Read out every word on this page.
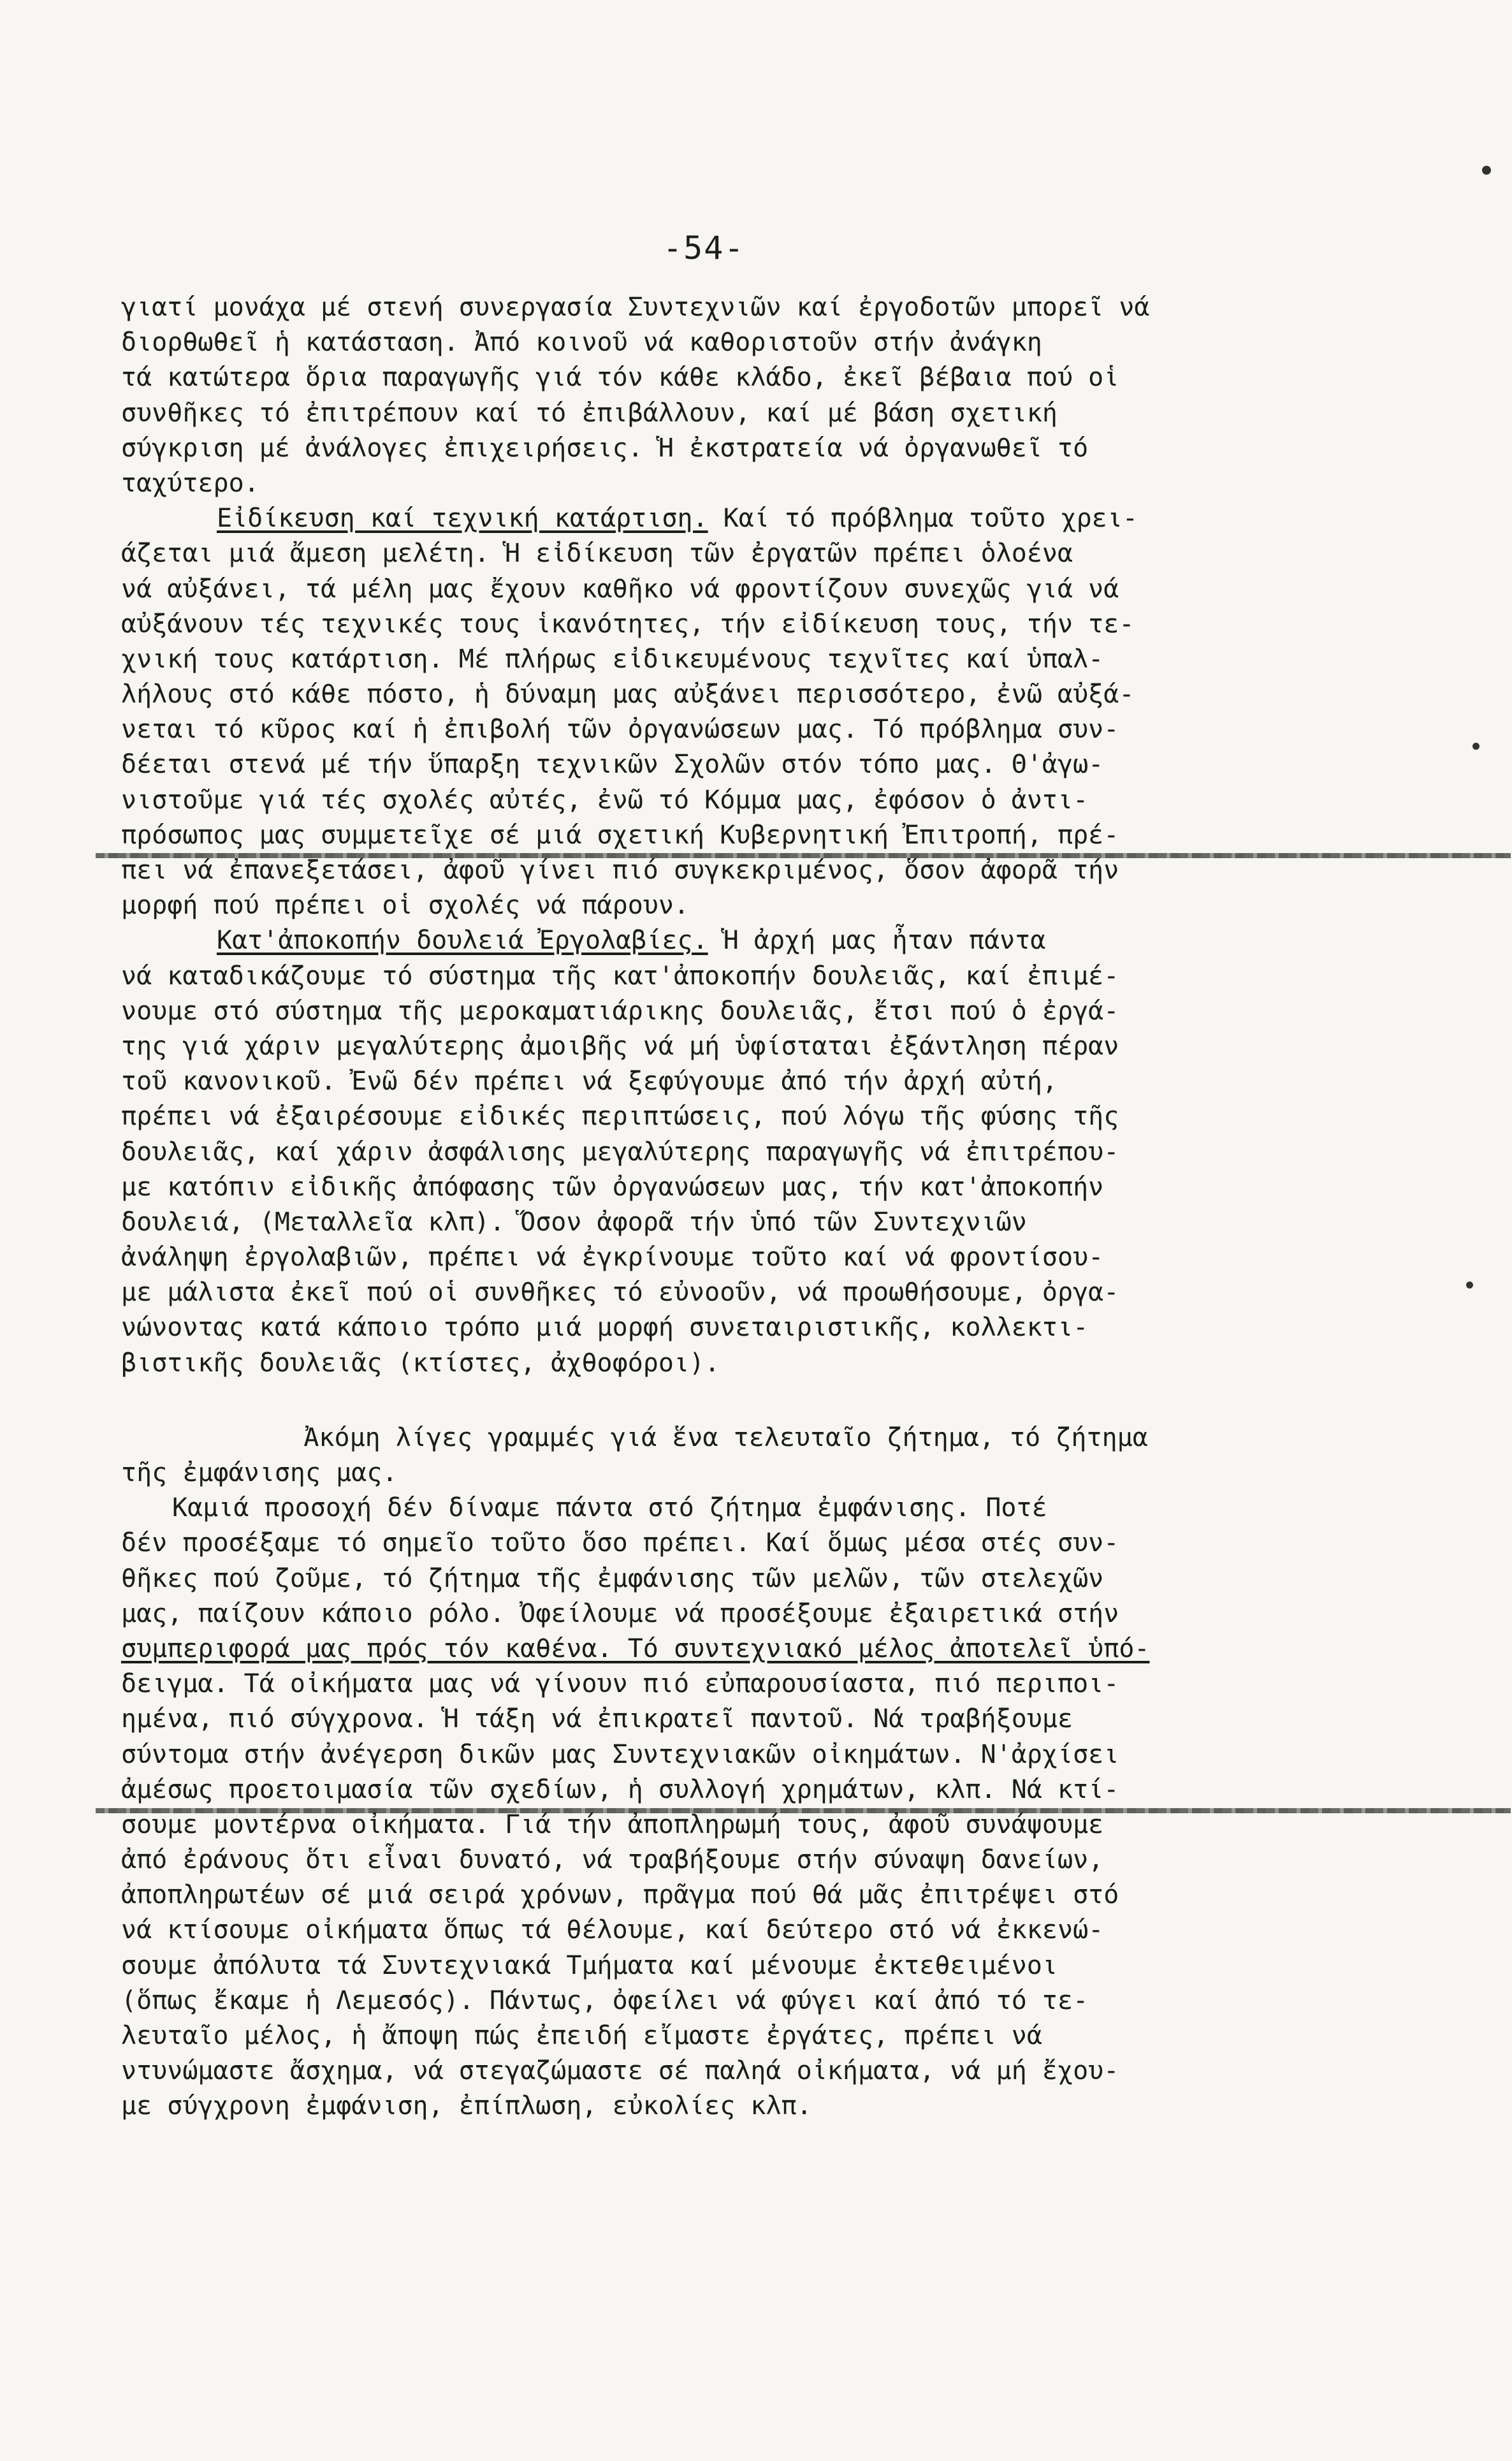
-54-
γιατί μονάχα μέ στενή συνεργασία Συντεχνιῶν καί ἐργοδοτῶν μπορεῖ νά
διορθωθεῖ ἡ κατάσταση. Ἀπό κοινοῦ νά καθοριστοῦν στήν ἀνάγκη
τά κατώτερα ὅρια παραγωγῆς γιά τόν κάθε κλάδο, ἐκεῖ βέβαια πού οἱ
συνθῆκες τό ἐπιτρέπουν καί τό ἐπιβάλλουν, καί μέ βάση σχετική
σύγκριση μέ ἀνάλογες ἐπιχειρήσεις. Ἡ ἐκστρατεία νά ὀργανωθεῖ τό
ταχύτερο.
Εἰδίκευση καί τεχνική κατάρτιση. Καί τό πρόβλημα τοῦτο χρει-
άζεται μιά ἄμεση μελέτη. Ἡ εἰδίκευση τῶν ἐργατῶν πρέπει ὁλοένα
νά αὐξάνει, τά μέλη μας ἔχουν καθῆκο νά φροντίζουν συνεχῶς γιά νά
αὐξάνουν τές τεχνικές τους ἱκανότητες, τήν εἰδίκευση τους, τήν τε-
χνική τους κατάρτιση. Μέ πλήρως εἰδικευμένους τεχνῖτες καί ὑπαλ-
λήλους στό κάθε πόστο, ἡ δύναμη μας αὐξάνει περισσότερο, ἐνῶ αὐξά-
νεται τό κῦρος καί ἡ ἐπιβολή τῶν ὀργανώσεων μας. Τό πρόβλημα συν-
δέεται στενά μέ τήν ὕπαρξη τεχνικῶν Σχολῶν στόν τόπο μας. Θ'ἀγω-
νιστοῦμε γιά τές σχολές αὐτές, ἐνῶ τό Κόμμα μας, ἐφόσον ὁ ἀντι-
πρόσωπος μας συμμετεῖχε σέ μιά σχετική Κυβερνητική Ἐπιτροπή, πρέ-
πει νά ἐπανεξετάσει, ἀφοῦ γίνει πιό συγκεκριμένος, ὅσον ἀφορᾶ τήν
μορφή πού πρέπει οἱ σχολές νά πάρουν.
Κατ'ἀποκοπήν δουλειά Ἐργολαβίες. Ἡ ἀρχή μας ἦταν πάντα
νά καταδικάζουμε τό σύστημα τῆς κατ'ἀποκοπήν δουλειᾶς, καί ἐπιμέ-
νουμε στό σύστημα τῆς μεροκαματιάρικης δουλειᾶς, ἔτσι πού ὁ ἐργά-
της γιά χάριν μεγαλύτερης ἀμοιβῆς νά μή ὑφίσταται ἐξάντληση πέραν
τοῦ κανονικοῦ. Ἐνῶ δέν πρέπει νά ξεφύγουμε ἀπό τήν ἀρχή αὐτή,
πρέπει νά ἐξαιρέσουμε εἰδικές περιπτώσεις, πού λόγω τῆς φύσης τῆς
δουλειᾶς, καί χάριν ἀσφάλισης μεγαλύτερης παραγωγῆς νά ἐπιτρέπου-
με κατόπιν εἰδικῆς ἀπόφασης τῶν ὀργανώσεων μας, τήν κατ'ἀποκοπήν
δουλειά, (Μεταλλεῖα κλπ). Ὅσον ἀφορᾶ τήν ὑπό τῶν Συντεχνιῶν
ἀνάληψη ἐργολαβιῶν, πρέπει νά ἐγκρίνουμε τοῦτο καί νά φροντίσου-
με μάλιστα ἐκεῖ πού οἱ συνθῆκες τό εὐνοοῦν, νά προωθήσουμε, ὀργα-
νώνοντας κατά κάποιο τρόπο μιά μορφή συνεταιριστικῆς, κολλεκτι-
βιστικῆς δουλειᾶς (κτίστες, ἀχθοφόροι).
Ἀκόμη λίγες γραμμές γιά ἕνα τελευταῖο ζήτημα, τό ζήτημα
τῆς ἐμφάνισης μας.
Καμιά προσοχή δέν δίναμε πάντα στό ζήτημα ἐμφάνισης. Ποτέ
δέν προσέξαμε τό σημεῖο τοῦτο ὅσο πρέπει. Καί ὅμως μέσα στές συν-
θῆκες πού ζοῦμε, τό ζήτημα τῆς ἐμφάνισης τῶν μελῶν, τῶν στελεχῶν
μας, παίζουν κάποιο ρόλο. Ὀφείλουμε νά προσέξουμε ἐξαιρετικά στήν
συμπεριφορά μας πρός τόν καθένα. Τό συντεχνιακό μέλος ἀποτελεῖ ὑπό-
δειγμα. Τά οἰκήματα μας νά γίνουν πιό εὐπαρουσίαστα, πιό περιποι-
ημένα, πιό σύγχρονα. Ἡ τάξη νά ἐπικρατεῖ παντοῦ. Νά τραβήξουμε
σύντομα στήν ἀνέγερση δικῶν μας Συντεχνιακῶν οἰκημάτων. Ν'ἀρχίσει
ἀμέσως προετοιμασία τῶν σχεδίων, ἡ συλλογή χρημάτων, κλπ. Νά κτί-
σουμε μοντέρνα οἰκήματα. Γιά τήν ἀποπληρωμή τους, ἀφοῦ συνάψουμε
ἀπό ἐράνους ὅτι εἶναι δυνατό, νά τραβήξουμε στήν σύναψη δανείων,
ἀποπληρωτέων σέ μιά σειρά χρόνων, πρᾶγμα πού θά μᾶς ἐπιτρέψει στό
νά κτίσουμε οἰκήματα ὅπως τά θέλουμε, καί δεύτερο στό νά ἐκκενώ-
σουμε ἀπόλυτα τά Συντεχνιακά Τμήματα καί μένουμε ἐκτεθειμένοι
(ὅπως ἔκαμε ἡ Λεμεσός). Πάντως, ὀφείλει νά φύγει καί ἀπό τό τε-
λευταῖο μέλος, ἡ ἄποψη πώς ἐπειδή εἴμαστε ἐργάτες, πρέπει νά
ντυνώμαστε ἄσχημα, νά στεγαζώμαστε σέ παληά οἰκήματα, νά μή ἔχου-
με σύγχρονη ἐμφάνιση, ἐπίπλωση, εὐκολίες κλπ.
